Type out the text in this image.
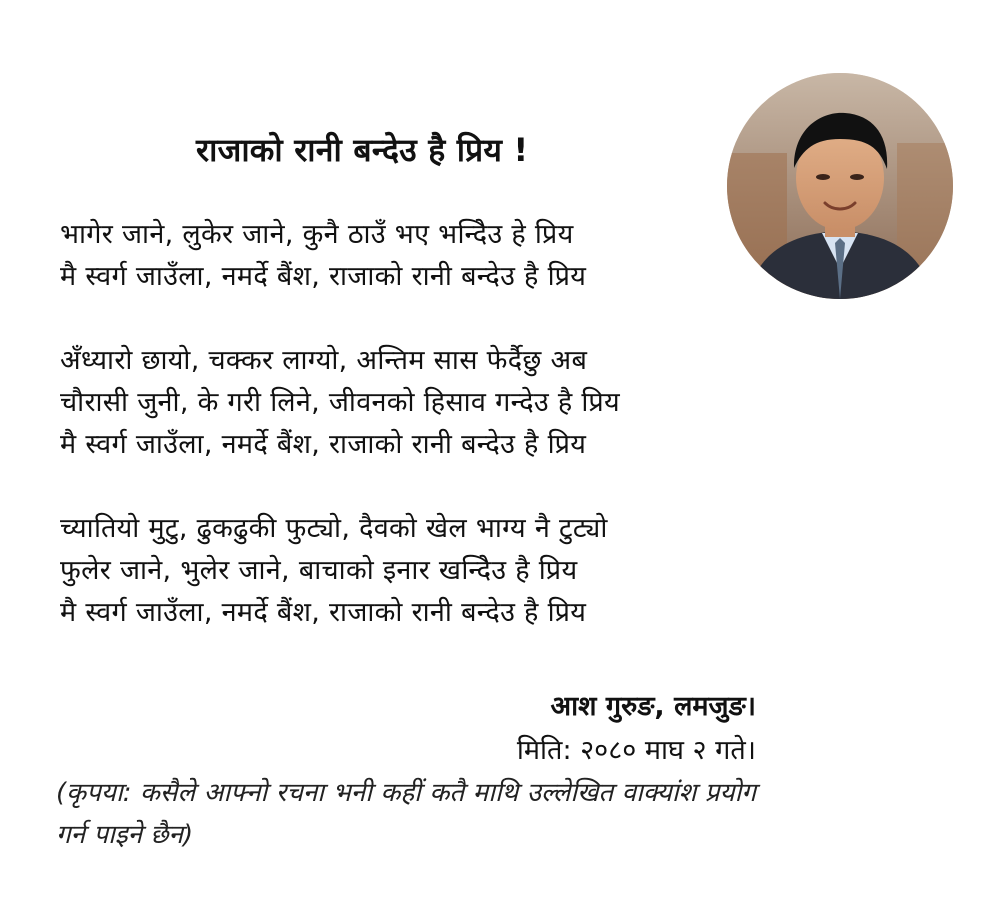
राजाको रानी बन्देउ है प्रिय !
भागेर जाने, लुकेर जाने, कुनै ठाउँ भए भन्दिेउ हे प्रिय
मै स्वर्ग जाउँला, नमर्दे बैंश, राजाको रानी बन्देउ है प्रिय
अँध्यारो छायो, चक्कर लाग्यो, अन्तिम सास फेर्दैछु अब
चौरासी जुनी, के गरी लिने, जीवनको हिसाव गन्देउ है प्रिय
मै स्वर्ग जाउँला, नमर्दे बैंश, राजाको रानी बन्देउ है प्रिय
च्यातियो मुटु, ढुकढुकी फुट्यो, दैवको खेल भाग्य नै टुट्यो
फुलेर जाने, भुलेर जाने, बाचाको इनार खन्दिेउ है प्रिय
मै स्वर्ग जाउँला, नमर्दे बैंश, राजाको रानी बन्देउ है प्रिय
आश गुरुङ, लमजुङ।
मिति: २०८० माघ २ गते।

(कृपया: कसैले आफ्नो रचना भनी कहीं कतै माथि उल्लेखित वाक्यांश प्रयोग गर्न पाइने छैन)
